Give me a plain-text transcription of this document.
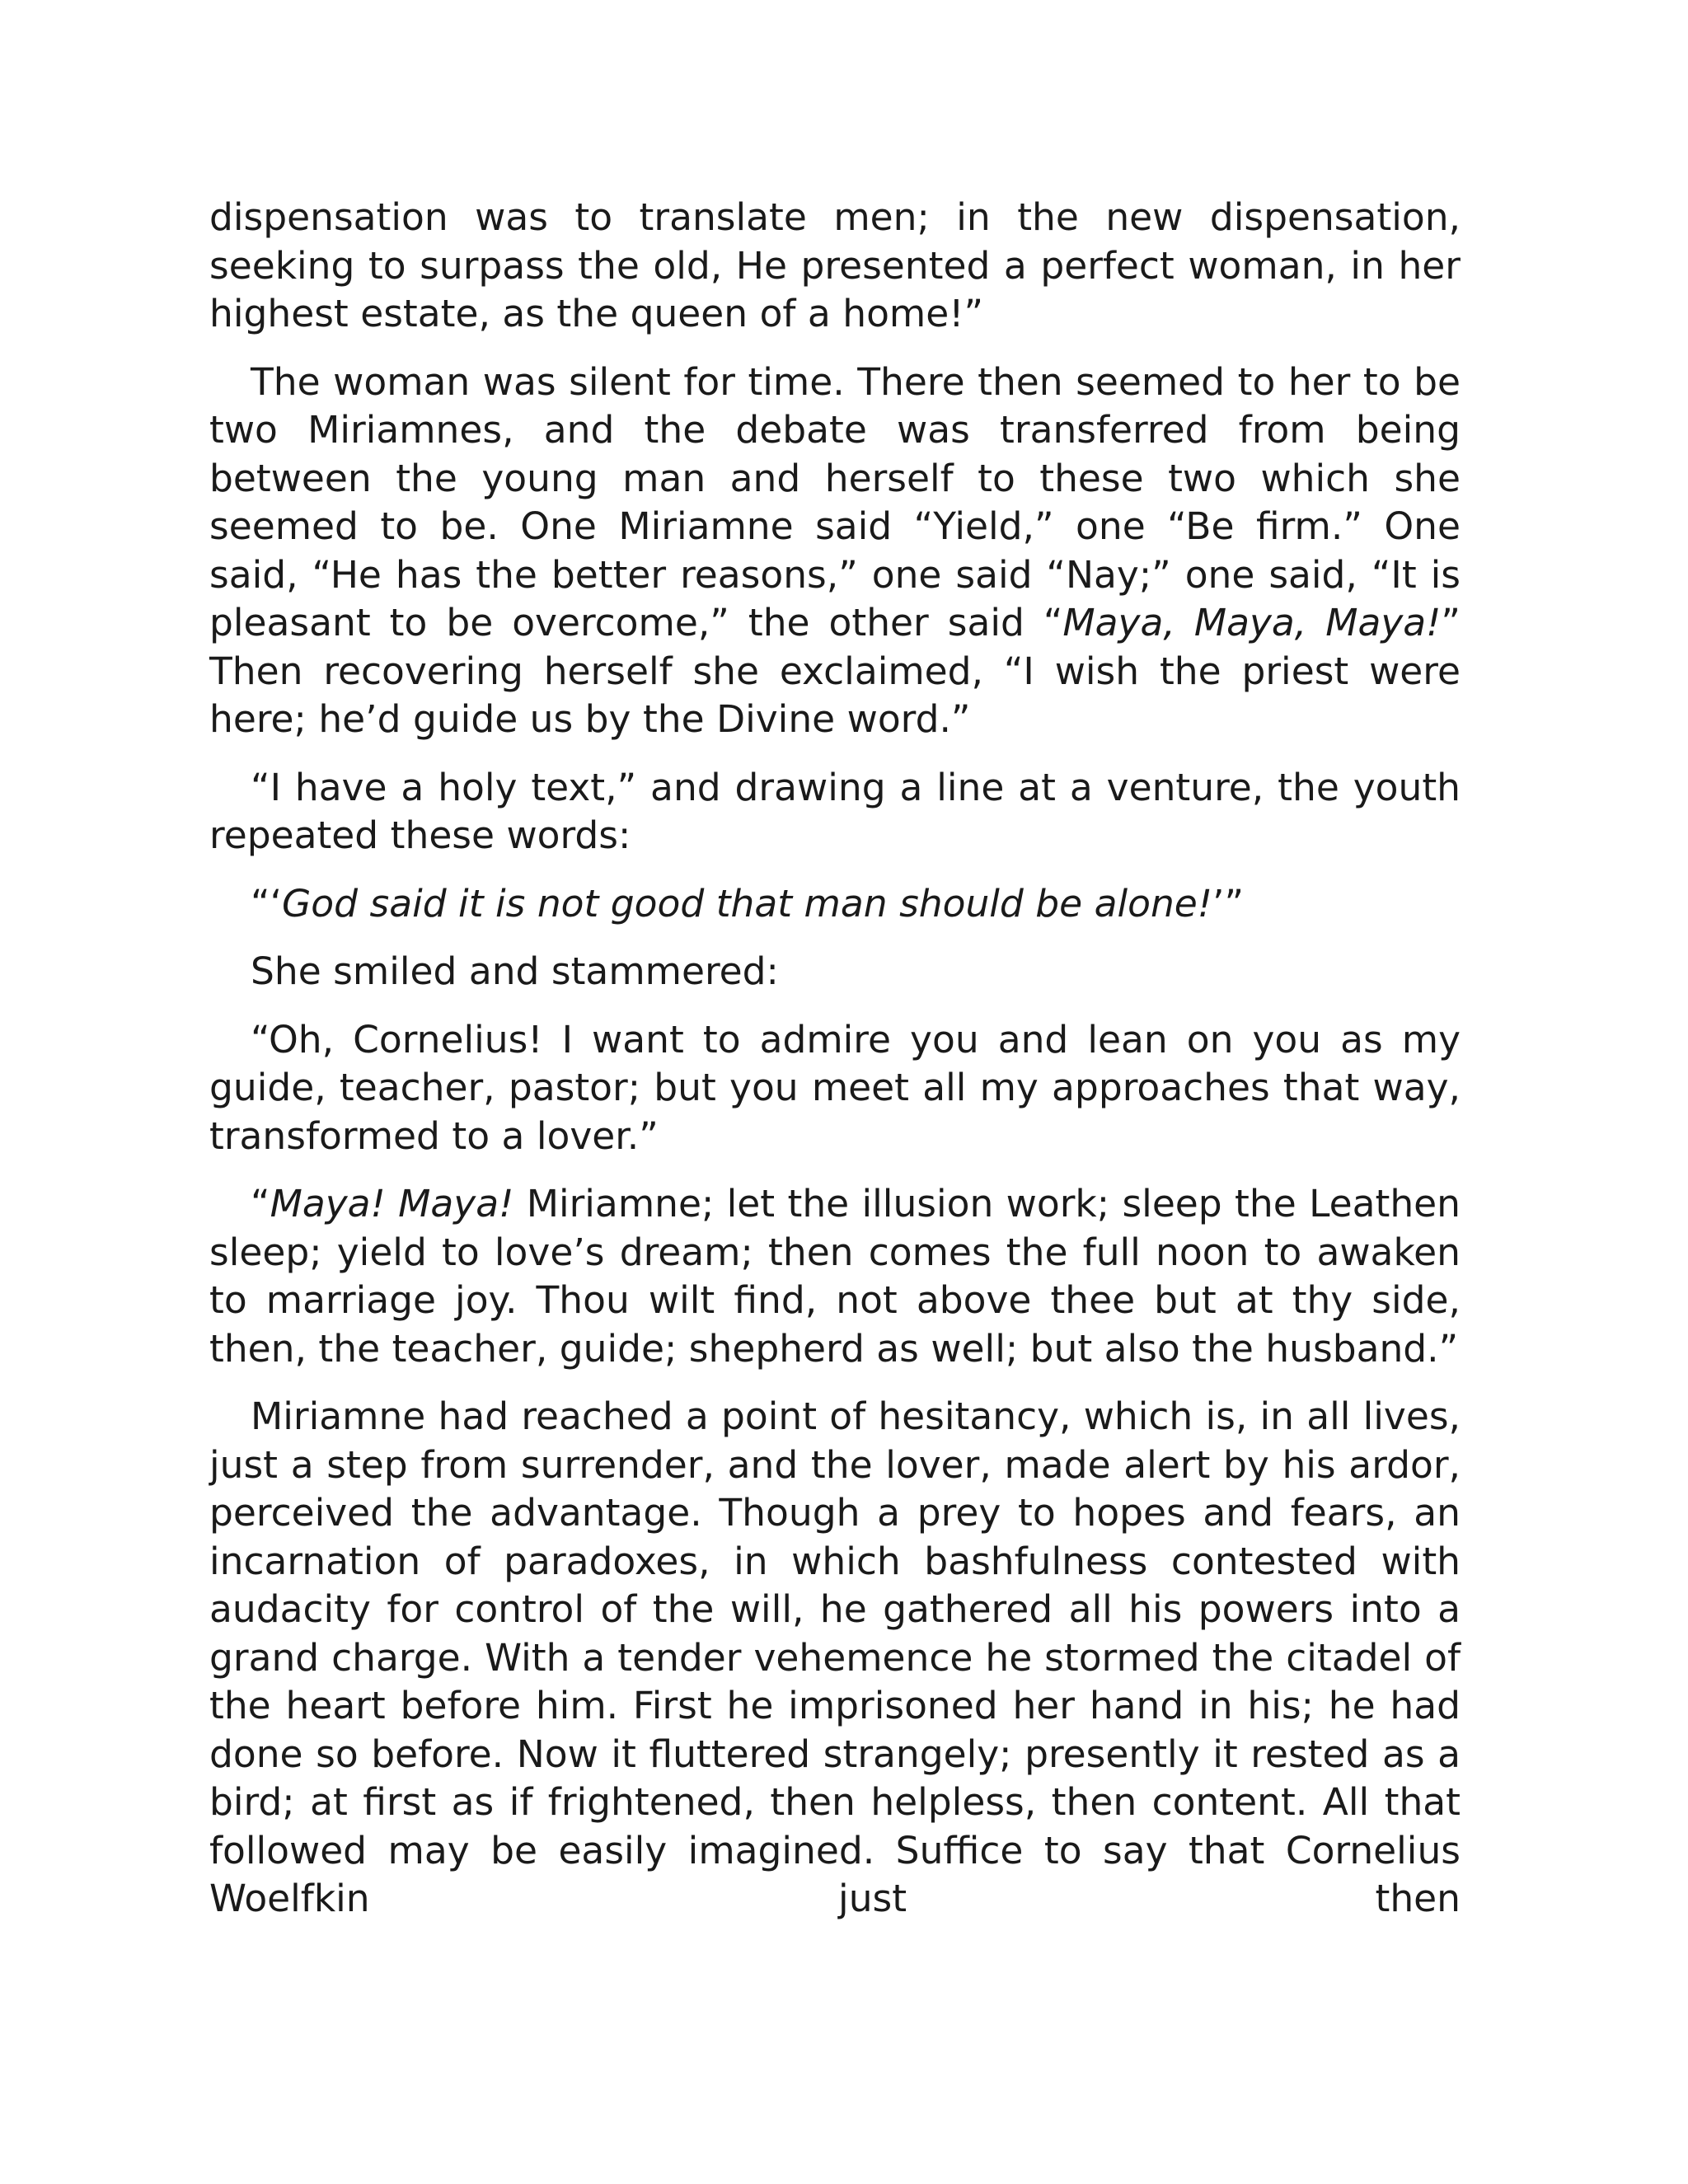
dispensation was to translate men; in the new dispensation, seeking to surpass the old, He presented a perfect woman, in her highest estate, as the queen of a home!”

The woman was silent for time. There then seemed to her to be two Miriamnes, and the debate was transferred from being between the young man and herself to these two which she seemed to be. One Miriamne said “Yield,” one “Be firm.” One said, “He has the better reasons,” one said “Nay;” one said, “It is pleasant to be overcome,” the other said “Maya, Maya, Maya!” Then recovering herself she exclaimed, “I wish the priest were here; he’d guide us by the Divine word.”

“I have a holy text,” and drawing a line at a venture, the youth repeated these words:

“‘God said it is not good that man should be alone!’”

She smiled and stammered:

“Oh, Cornelius! I want to admire you and lean on you as my guide, teacher, pastor; but you meet all my approaches that way, transformed to a lover.”

“Maya! Maya! Miriamne; let the illusion work; sleep the Leathen sleep; yield to love’s dream; then comes the full noon to awaken to marriage joy. Thou wilt find, not above thee but at thy side, then, the teacher, guide; shepherd as well; but also the husband.”

Miriamne had reached a point of hesitancy, which is, in all lives, just a step from surrender, and the lover, made alert by his ardor, perceived the advantage. Though a prey to hopes and fears, an incarnation of paradoxes, in which bashfulness contested with audacity for control of the will, he gathered all his powers into a grand charge. With a tender vehemence he stormed the citadel of the heart before him. First he imprisoned her hand in his; he had done so before. Now it fluttered strangely; presently it rested as a bird; at first as if frightened, then helpless, then content. All that followed may be easily imagined. Suffice to say that Cornelius Woelfkin just then
